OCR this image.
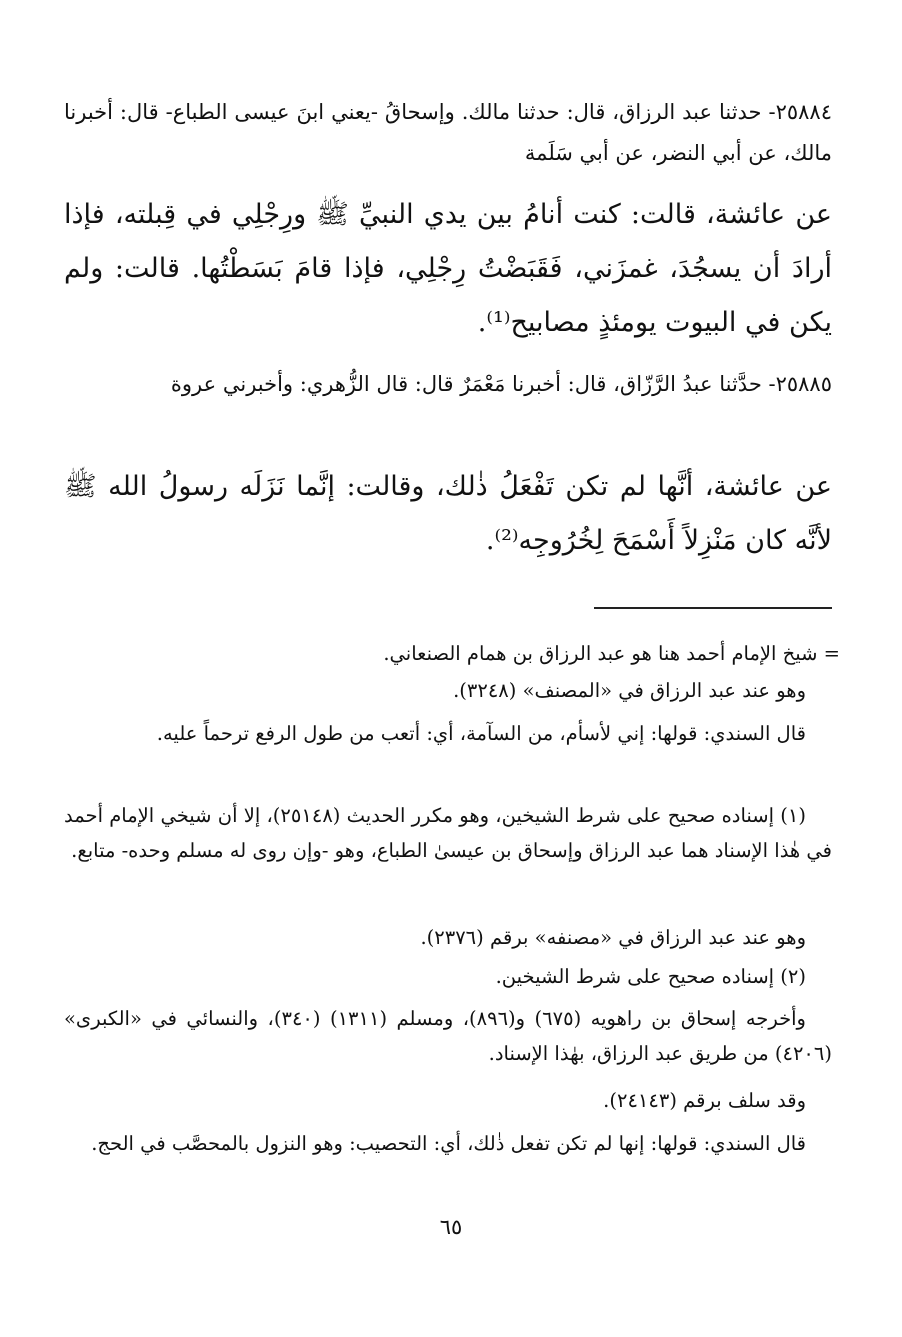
٢٥٨٨٤- حدثنا عبد الرزاق، قال: حدثنا مالك. وإسحاقُ -يعني ابنَ عيسى الطباع- قال: أخبرنا مالك، عن أبي النضر، عن أبي سَلَمة

عن عائشة، قالت: كنت أنامُ بين يدي النبيِّ ﷺ ورِجْلِي في قِبلته، فإذا أرادَ أن يسجُدَ، غمزَني، فَقَبَضْتُ رِجْلِي، فإذا قامَ بَسَطْتُها. قالت: ولم يكن في البيوت يومئذٍ مصابيح⁽¹⁾.

٢٥٨٨٥- حدَّثنا عبدُ الرَّزّاق، قال: أخبرنا مَعْمَرٌ قال: قال الزُّهري: وأخبرني عروة

عن عائشة، أنَّها لم تكن تَفْعَلُ ذٰلك، وقالت: إنَّما نَزَلَه رسولُ الله ﷺ لأنَّه كان مَنْزِلاً أَسْمَحَ لِخُرُوجِه⁽²⁾.

= شيخ الإمام أحمد هنا هو عبد الرزاق بن همام الصنعاني.

وهو عند عبد الرزاق في «المصنف» (٣٢٤٨).

قال السندي: قولها: إني لأسأم، من السآمة، أي: أتعب من طول الرفع ترحماً عليه.

(١) إسناده صحيح على شرط الشيخين، وهو مكرر الحديث (٢٥١٤٨)، إلا أن شيخي الإمام أحمد في هٰذا الإسناد هما عبد الرزاق وإسحاق بن عيسىٰ الطباع، وهو -وإن روى له مسلم وحده- متابع.

وهو عند عبد الرزاق في «مصنفه» برقم (٢٣٧٦).

(٢) إسناده صحيح على شرط الشيخين.

وأخرجه إسحاق بن راهويه (٦٧٥) و(٨٩٦)، ومسلم (١٣١١) (٣٤٠)، والنسائي في «الكبرى» (٤٢٠٦) من طريق عبد الرزاق، بهٰذا الإسناد.

وقد سلف برقم (٢٤١٤٣).

قال السندي: قولها: إنها لم تكن تفعل ذٰلك، أي: التحصيب: وهو النزول بالمحصَّب في الحج.

٦٥
